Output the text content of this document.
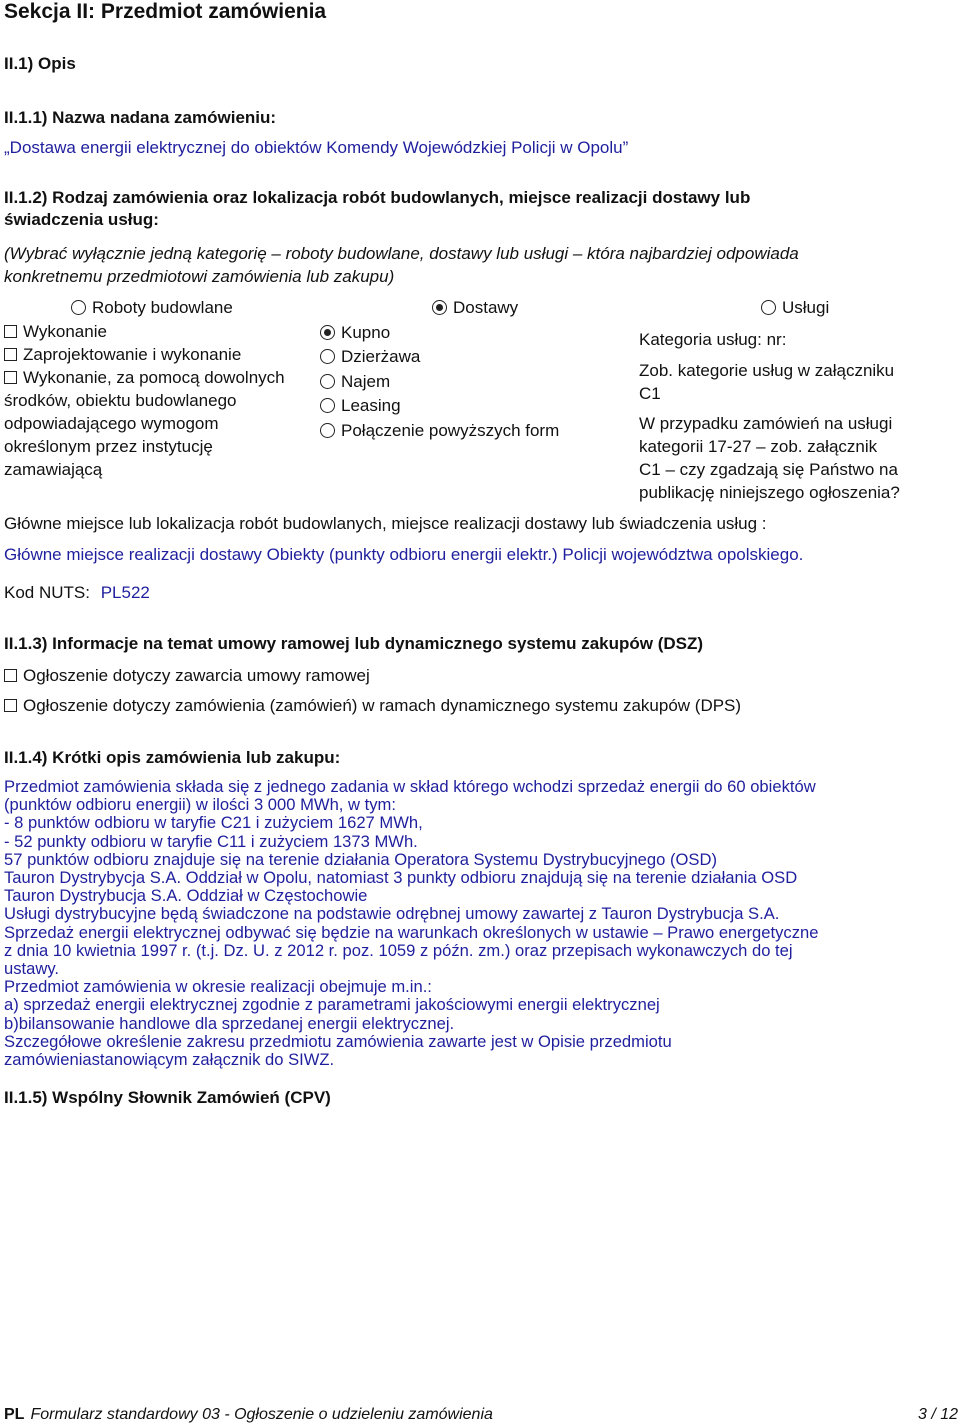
Sekcja II: Przedmiot zamówienia
II.1) Opis
II.1.1) Nazwa nadana zamówieniu:
„Dostawa energii elektrycznej do obiektów Komendy Wojewódzkiej Policji w Opolu”
II.1.2) Rodzaj zamówienia oraz lokalizacja robót budowlanych, miejsce realizacji dostawy lub
świadczenia usług:
(Wybrać wyłącznie jedną kategorię – roboty budowlane, dostawy lub usługi – która najbardziej odpowiada
konkretnemu przedmiotowi zamówienia lub zakupu)
Roboty budowlane	Dostawy	Usługi
Wykonanie
Zaprojektowanie i wykonanie
Wykonanie, za pomocą dowolnych
środków, obiektu budowlanego
odpowiadającego wymogom
określonym przez instytucję
zamawiającą
Kupno
Dzierżawa
Najem
Leasing
Połączenie powyższych form
Kategoria usług: nr:
Zob. kategorie usług w załączniku
C1
W przypadku zamówień na usługi
kategorii 17-27 – zob. załącznik
C1 – czy zgadzają się Państwo na
publikację niniejszego ogłoszenia?
Główne miejsce lub lokalizacja robót budowlanych, miejsce realizacji dostawy lub świadczenia usług :
Główne miejsce realizacji dostawy Obiekty (punkty odbioru energii elektr.) Policji województwa opolskiego.
Kod NUTS: PL522
II.1.3) Informacje na temat umowy ramowej lub dynamicznego systemu zakupów (DSZ)
Ogłoszenie dotyczy zawarcia umowy ramowej
Ogłoszenie dotyczy zamówienia (zamówień) w ramach dynamicznego systemu zakupów (DPS)
II.1.4) Krótki opis zamówienia lub zakupu:
Przedmiot zamówienia składa się z jednego zadania w skład którego wchodzi sprzedaż energii do 60 obiektów
(punktów odbioru energii) w ilości 3 000 MWh, w tym:
- 8 punktów odbioru w taryfie C21 i zużyciem 1627 MWh,
- 52 punkty odbioru w taryfie C11 i zużyciem 1373 MWh.
57 punktów odbioru znajduje się na terenie działania Operatora Systemu Dystrybucyjnego (OSD)
Tauron Dystrybycja S.A. Oddział w Opolu, natomiast 3 punkty odbioru znajdują się na terenie działania OSD
Tauron Dystrybucja S.A. Oddział w Częstochowie
Usługi dystrybucyjne będą świadczone na podstawie odrębnej umowy zawartej z Tauron Dystrybucja S.A.
Sprzedaż energii elektrycznej odbywać się będzie na warunkach określonych w ustawie – Prawo energetyczne
z dnia 10 kwietnia 1997 r. (t.j. Dz. U. z 2012 r. poz. 1059 z późn. zm.) oraz przepisach wykonawczych do tej
ustawy.
Przedmiot zamówienia w okresie realizacji obejmuje m.in.:
a) sprzedaż energii elektrycznej zgodnie z parametrami jakościowymi energii elektrycznej
b)bilansowanie handlowe dla sprzedanej energii elektrycznej.
Szczegółowe określenie zakresu przedmiotu zamówienia zawarte jest w Opisie przedmiotu
zamówieniastanowiącym załącznik do SIWZ.
II.1.5) Wspólny Słownik Zamówień (CPV)
PL Formularz standardowy 03 - Ogłoszenie o udzieleniu zamówienia	3 / 12
